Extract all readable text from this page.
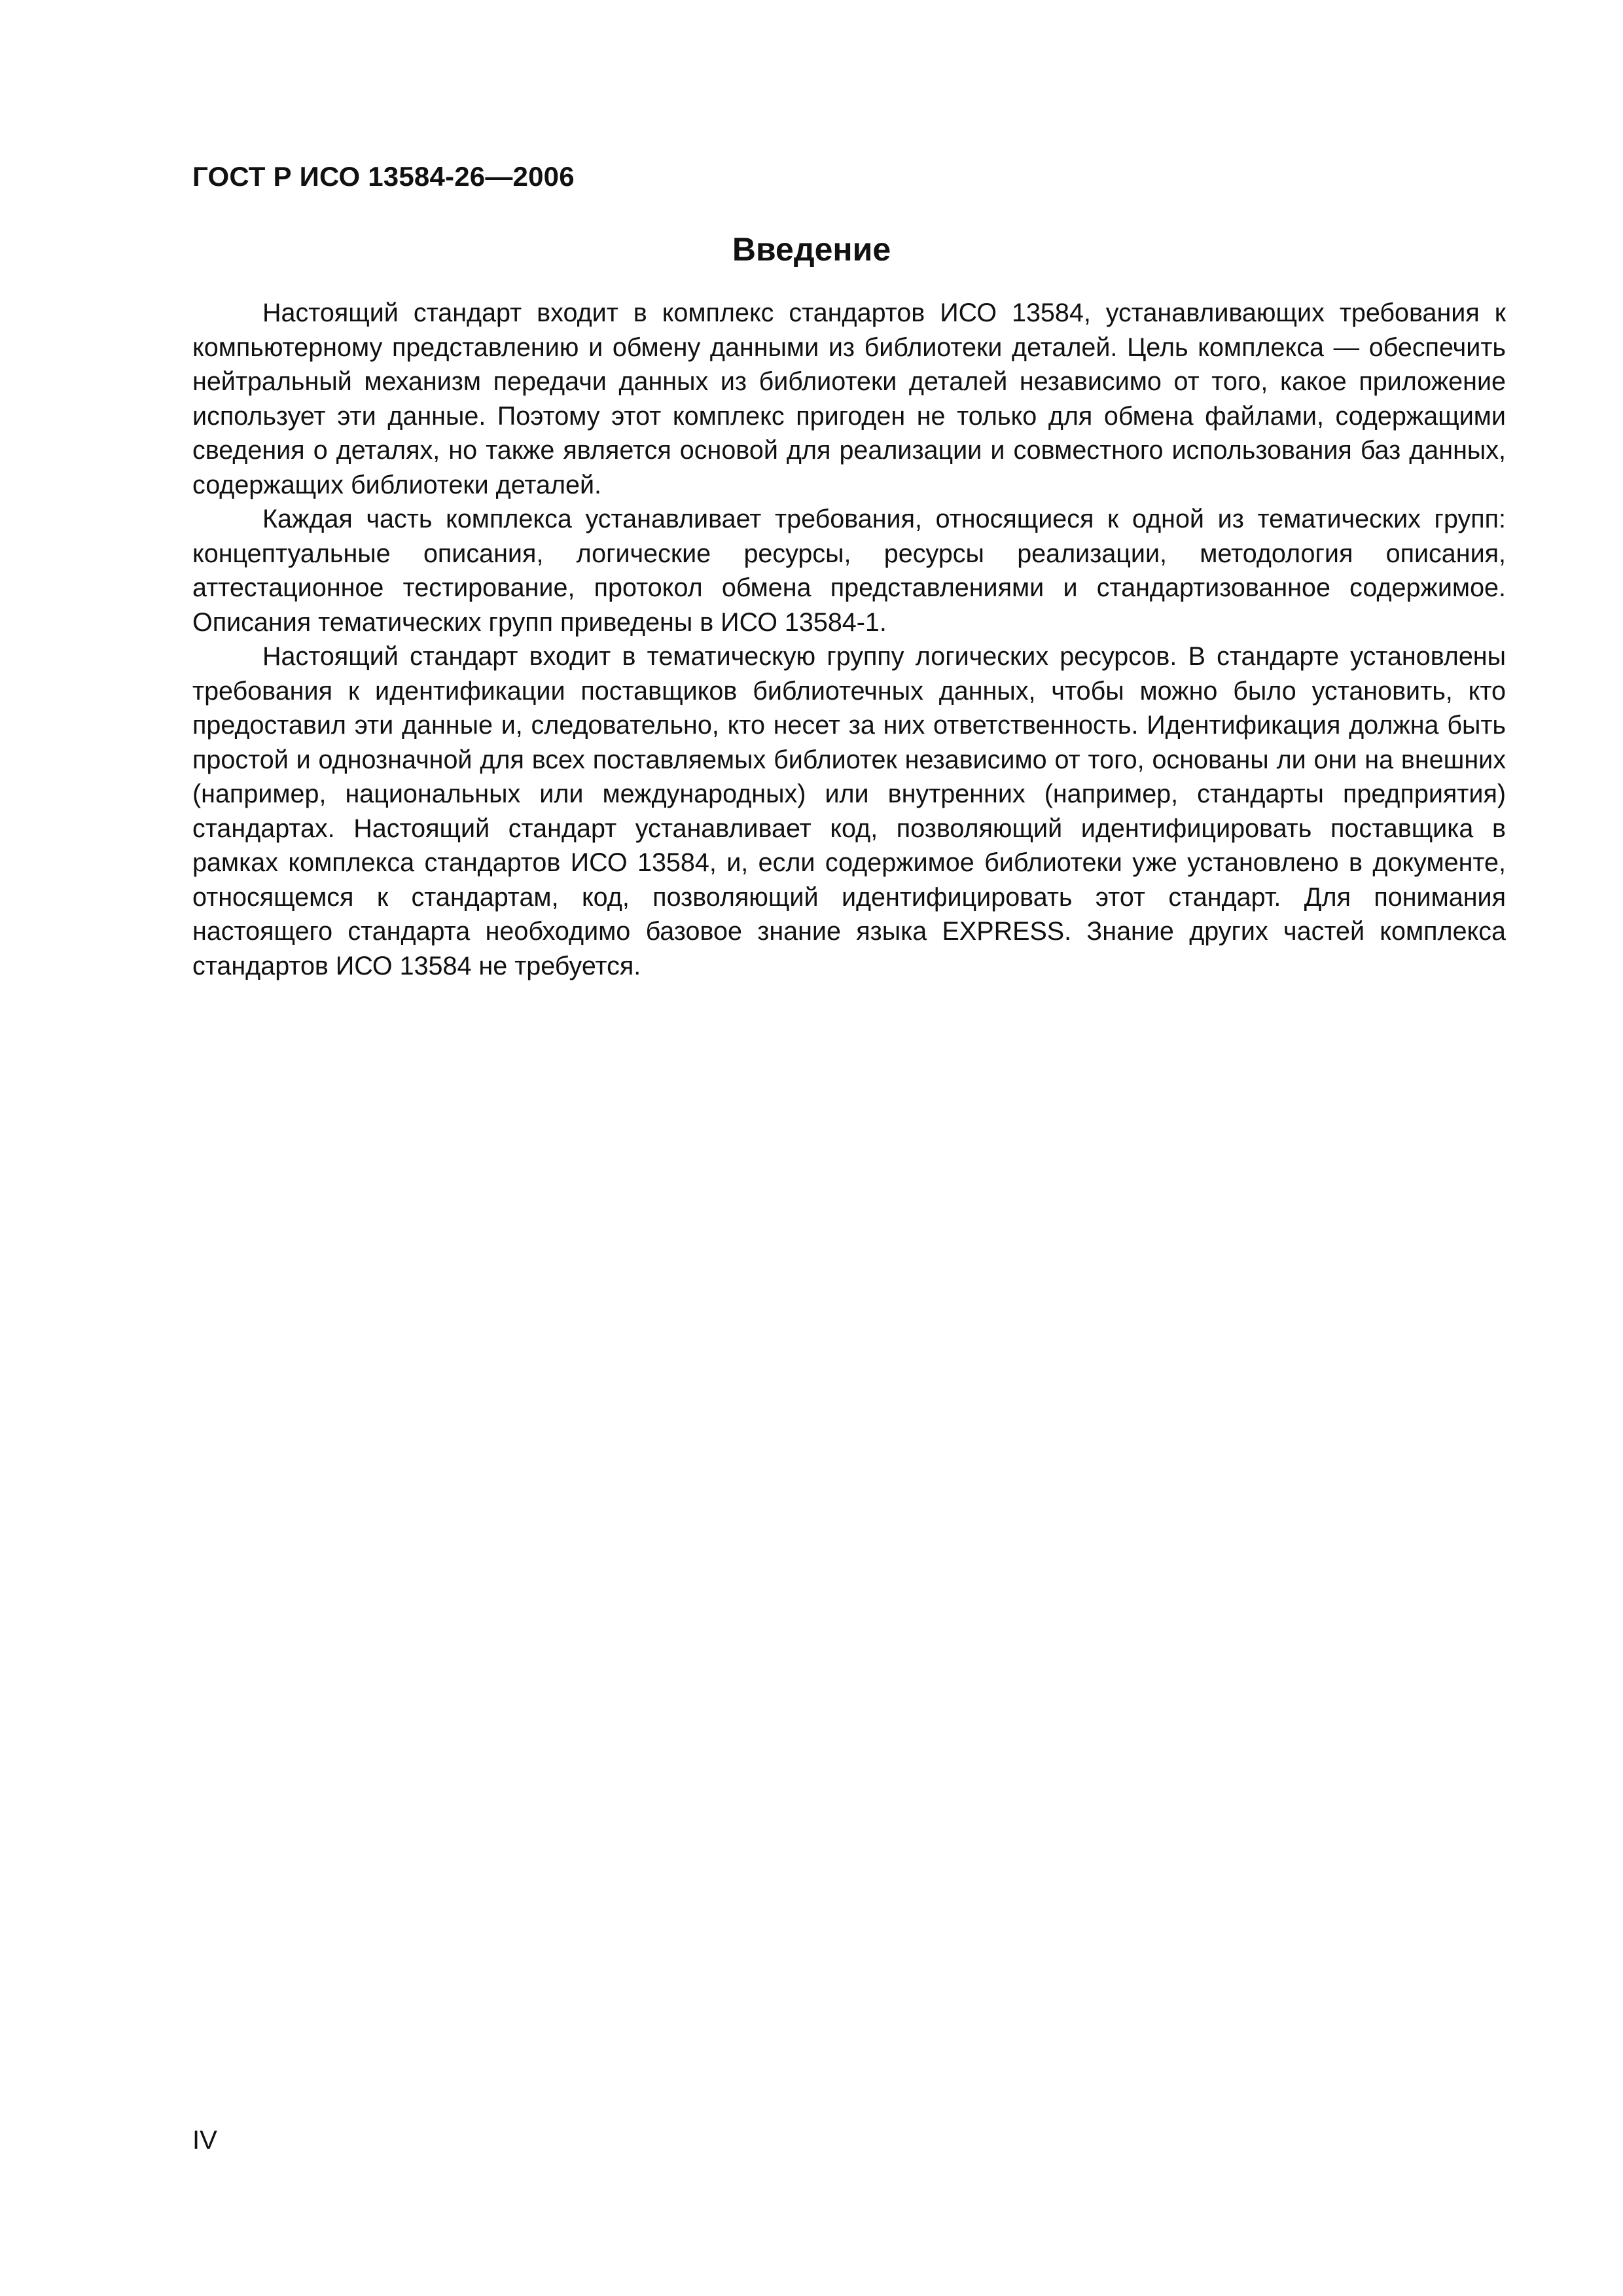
ГОСТ Р ИСО 13584-26—2006
Введение

Настоящий стандарт входит в комплекс стандартов ИСО 13584, устанавливающих требования к компьютерному представлению и обмену данными из библиотеки деталей. Цель комплекса — обеспечить нейтральный механизм передачи данных из библиотеки деталей независимо от того, какое приложение использует эти данные. Поэтому этот комплекс пригоден не только для обмена файлами, содержащими сведения о деталях, но также является основой для реализации и совместного использования баз данных, содержащих библиотеки деталей.

Каждая часть комплекса устанавливает требования, относящиеся к одной из тематических групп: концептуальные описания, логические ресурсы, ресурсы реализации, методология описания, аттестационное тестирование, протокол обмена представлениями и стандартизованное содержимое. Описания тематических групп приведены в ИСО 13584-1.

Настоящий стандарт входит в тематическую группу логических ресурсов. В стандарте установлены требования к идентификации поставщиков библиотечных данных, чтобы можно было установить, кто предоставил эти данные и, следовательно, кто несет за них ответственность. Идентификация должна быть простой и однозначной для всех поставляемых библиотек независимо от того, основаны ли они на внешних (например, национальных или международных) или внутренних (например, стандарты предприятия) стандартах. Настоящий стандарт устанавливает код, позволяющий идентифицировать поставщика в рамках комплекса стандартов ИСО 13584, и, если содержимое библиотеки уже установлено в документе, относящемся к стандартам, код, позволяющий идентифицировать этот стандарт. Для понимания настоящего стандарта необходимо базовое знание языка EXPRESS. Знание других частей комплекса стандартов ИСО 13584 не требуется.

IV
